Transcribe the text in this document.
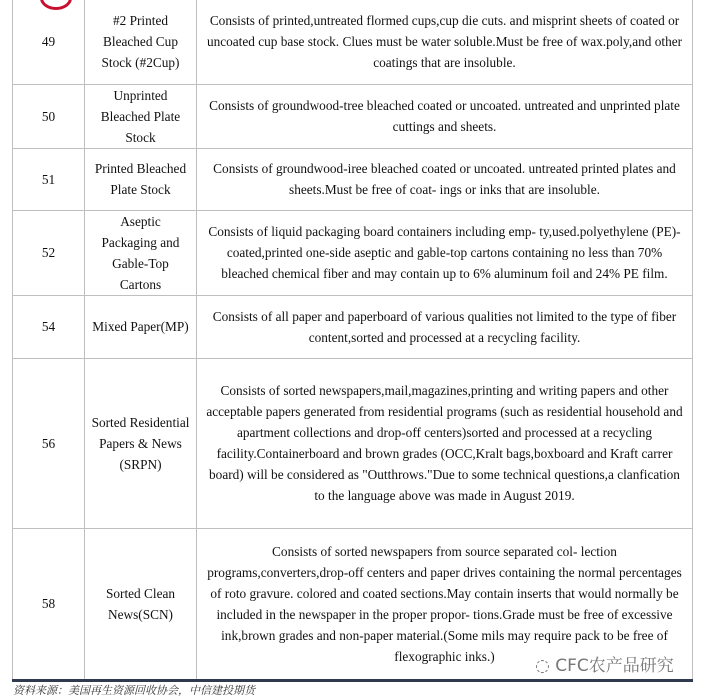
49	#2 Printed Bleached Cup Stock (#2Cup)	Consists of printed,untreated flormed cups,cup die cuts. and misprint sheets of coated or uncoated cup base stock. Clues must be water soluble.Must be free of wax.poly,and other coatings that are insoluble.
50	Unprinted Bleached Plate Stock	Consists of groundwood-tree bleached coated or uncoated. untreated and unprinted plate cuttings and sheets.
51	Printed Bleached Plate Stock	Consists of groundwood-iree bleached coated or uncoated. untreated printed plates and sheets.Must be free of coat- ings or inks that are insoluble.
52	Aseptic Packaging and Gable-Top Cartons	Consists of liquid packaging board containers including emp- ty,used.polyethylene (PE)-coated,printed one-side aseptic and gable-top cartons containing no less than 70% bleached chemical fiber and may contain up to 6% aluminum foil and 24% PE film.
54	Mixed Paper(MP)	Consists of all paper and paperboard of various qualities not limited to the type of fiber content,sorted and processed at a recycling facility.
56	Sorted Residential Papers & News (SRPN)	Consists of sorted newspapers,mail,magazines,printing and writing papers and other acceptable papers generated from residential programs (such as residential household and apartment collections and drop-off centers)sorted and processed at a recycling facility.Containerboard and brown grades (OCC,Kralt bags,boxboard and Kraft carrer board) will be considered as "Outthrows."Due to some technical questions,a clanfication to the language above was made in August 2019.
58	Sorted Clean News(SCN)	Consists of sorted newspapers from source separated col- lection programs,converters,drop-off centers and paper drives containing the normal percentages of roto gravure. colored and coated sections.May contain inserts that would normally be included in the newspaper in the proper propor- tions.Grade must be free of excessive ink,brown grades and non-paper material.(Some mils may require pack to be free of flexographic inks.) ◌ CFC农产品研究
资料来源：美国再生资源回收协会，中信建投期货
